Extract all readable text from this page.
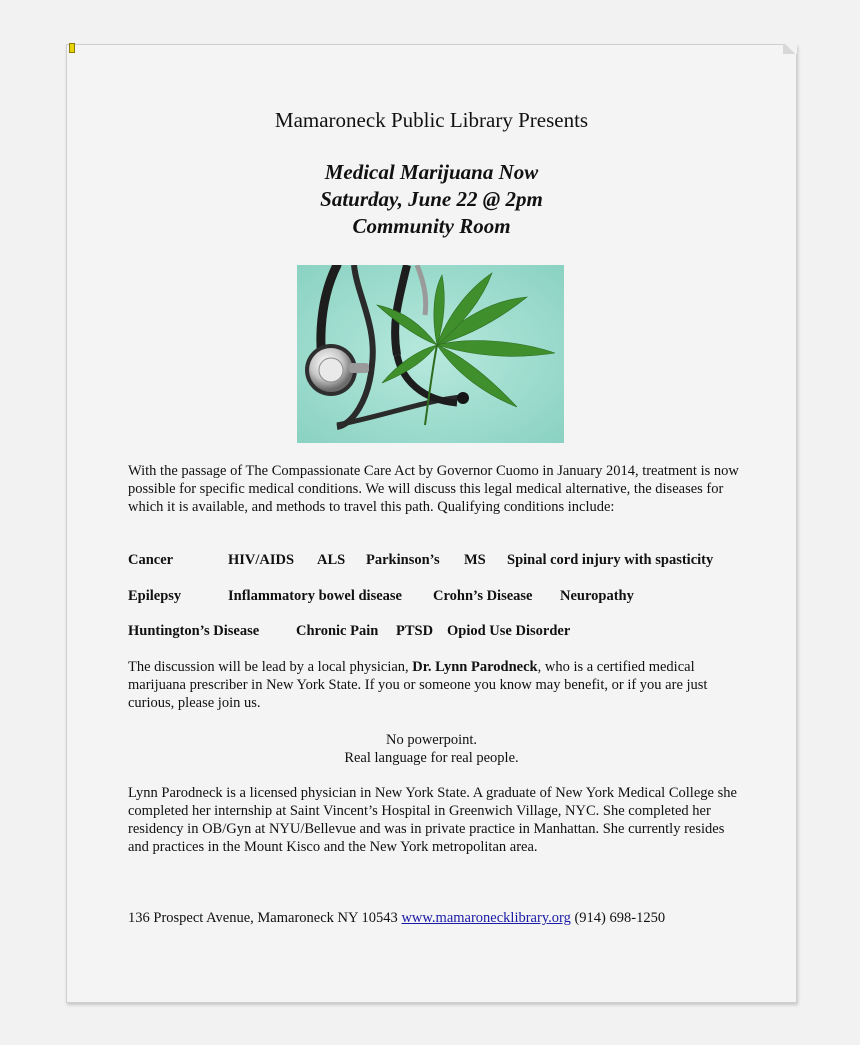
Mamaroneck Public Library Presents
Medical Marijuana Now
Saturday, June 22 @ 2pm
Community Room
With the passage of The Compassionate Care Act by Governor Cuomo in January 2014, treatment is now possible for specific medical conditions. We will discuss this legal medical alternative, the diseases for which it is available, and methods to travel this path. Qualifying conditions include:
Cancer	HIV/AIDS ALS Parkinson’s MS Spinal cord injury with spasticity
Epilepsy	Inflammatory bowel disease Crohn’s Disease Neuropathy
Huntington’s Disease	Chronic Pain PTSD Opiod Use Disorder
The discussion will be lead by a local physician, Dr. Lynn Parodneck, who is a certified medical marijuana prescriber in New York State. If you or someone you know may benefit, or if you are just curious, please join us.
No powerpoint.
Real language for real people.
Lynn Parodneck is a licensed physician in New York State. A graduate of New York Medical College she completed her internship at Saint Vincent’s Hospital in Greenwich Village, NYC. She completed her residency in OB/Gyn at NYU/Bellevue and was in private practice in Manhattan. She currently resides and practices in the Mount Kisco and the New York metropolitan area.
136 Prospect Avenue, Mamaroneck NY 10543 www.mamaronecklibrary.org (914) 698-1250
